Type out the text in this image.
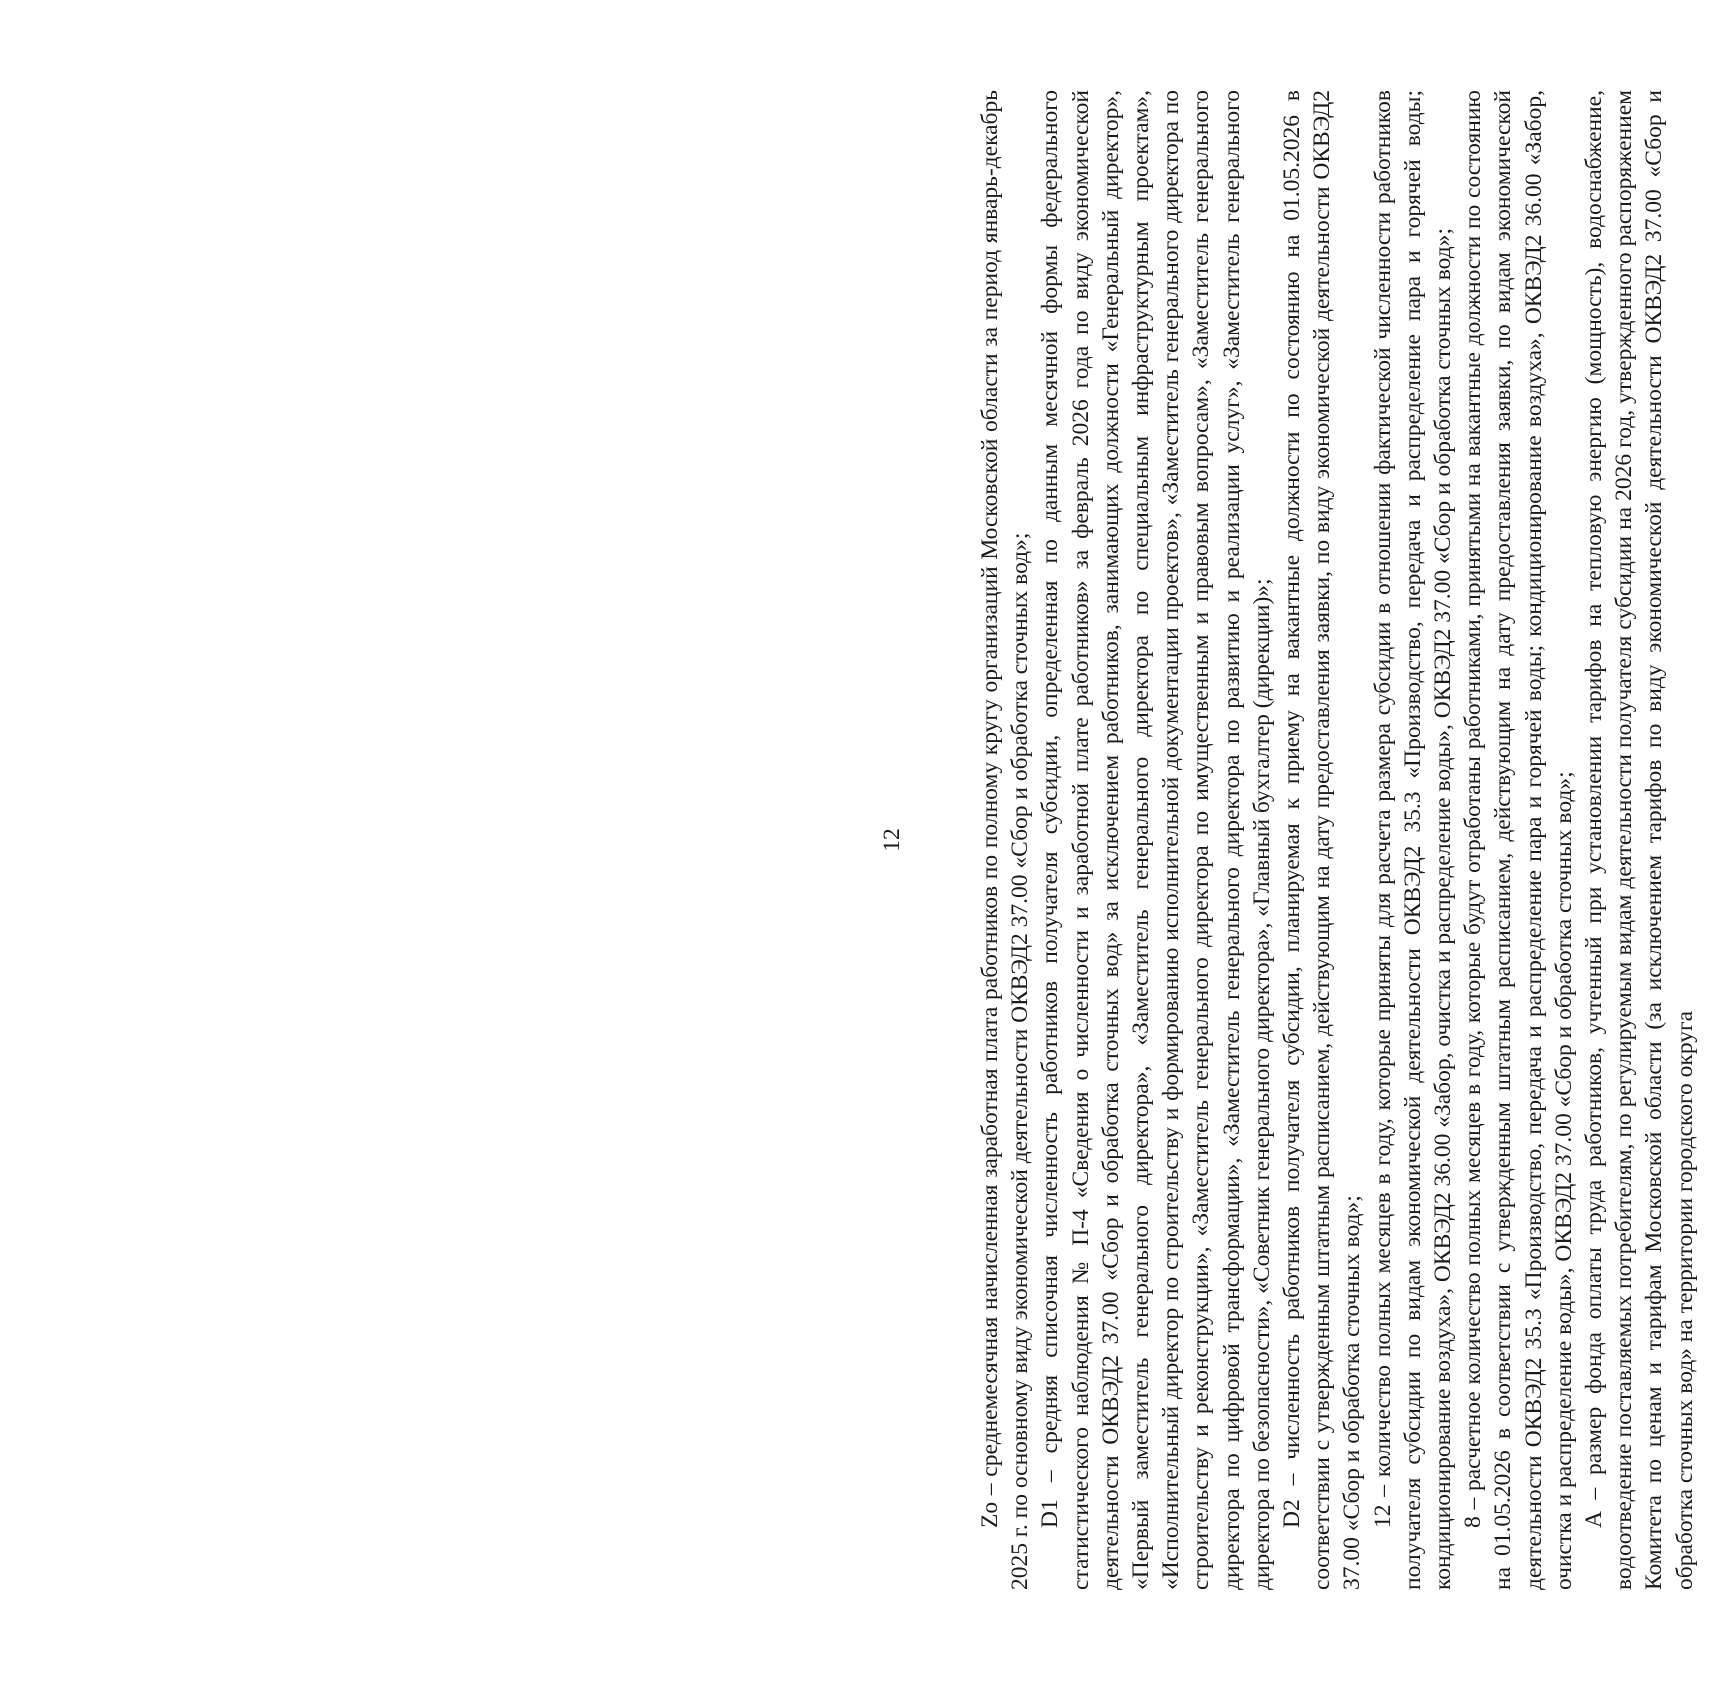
12	Zo – среднемесячная начисленная заработная плата работников по полному кругу организаций Московской области за период январь-декабрь 2025 г. по основному виду экономической деятельности ОКВЭД2 37.00 «Сбор и обработка сточных вод»; D1 – средняя списочная численность работников получателя субсидии, определенная по данным месячной формы федерального статистического наблюдения № П-4 «Сведения о численности и заработной плате работников» за февраль 2026 года по виду экономической деятельности ОКВЭД2 37.00 «Сбор и обработка сточных вод» за исключением работников, занимающих должности «Генеральный директор», «Первый заместитель генерального директора», «Заместитель генерального директора по специальным инфраструктурным проектам», «Исполнительный директор по строительству и формированию исполнительной документации проектов», «Заместитель генерального директора по строительству и реконструкции», «Заместитель генерального директора по имущественным и правовым вопросам», «Заместитель генерального директора по цифровой трансформации», «Заместитель генерального директора по развитию и реализации услуг», «Заместитель генерального директора по безопасности», «Советник генерального директора», «Главный бухгалтер (дирекции)»; D2 – численность работников получателя субсидии, планируемая к приему на вакантные должности по состоянию на 01.05.2026 в соответствии с утвержденным штатным расписанием, действующим на дату предоставления заявки, по виду экономической деятельности ОКВЭД2 37.00 «Сбор и обработка сточных вод»; 12 – количество полных месяцев в году, которые приняты для расчета размера субсидии в отношении фактической численности работников получателя субсидии по видам экономической деятельности ОКВЭД2 35.3 «Производство, передача и распределение пара и горячей воды; кондиционирование воздуха», ОКВЭД2 36.00 «Забор, очистка и распределение воды», ОКВЭД2 37.00 «Сбор и обработка сточных вод»; 8 – расчетное количество полных месяцев в году, которые будут отработаны работниками, принятыми на вакантные должности по состоянию на 01.05.2026 в соответствии с утвержденным штатным расписанием, действующим на дату предоставления заявки, по видам экономической деятельности ОКВЭД2 35.3 «Производство, передача и распределение пара и горячей воды; кондиционирование воздуха», ОКВЭД2 36.00 «Забор, очистка и распределение воды», ОКВЭД2 37.00 «Сбор и обработка сточных вод»; A – размер фонда оплаты труда работников, учтенный при установлении тарифов на тепловую энергию (мощность), водоснабжение, водоотведение поставляемых потребителям, по регулируемым видам деятельности получателя субсидии на 2026 год, утвержденного распоряжением Комитета по ценам и тарифам Московской области (за исключением тарифов по виду экономической деятельности ОКВЭД2 37.00 «Сбор и обработка сточных вод» на территории городского округа
